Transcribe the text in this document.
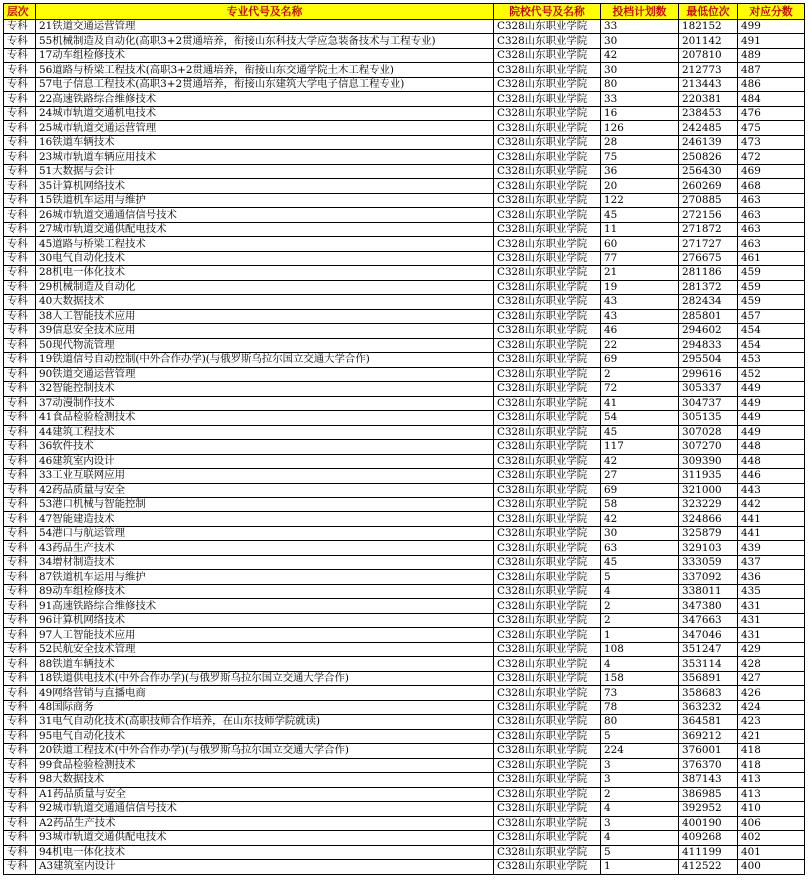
层次	专业代号及名称	院校代号及名称	投档计划数	最低位次	对应分数
专科	21铁道交通运营管理	C328山东职业学院	33	182152	499
专科	55机械制造及自动化(高职3+2贯通培养，衔接山东科技大学应急装备技术与工程专业)	C328山东职业学院	30	201142	491
专科	17动车组检修技术	C328山东职业学院	42	207810	489
专科	56道路与桥梁工程技术(高职3+2贯通培养，衔接山东交通学院土木工程专业)	C328山东职业学院	30	212773	487
专科	57电子信息工程技术(高职3+2贯通培养，衔接山东建筑大学电子信息工程专业)	C328山东职业学院	80	213443	486
专科	22高速铁路综合维修技术	C328山东职业学院	33	220381	484
专科	24城市轨道交通机电技术	C328山东职业学院	16	238453	476
专科	25城市轨道交通运营管理	C328山东职业学院	126	242485	475
专科	16铁道车辆技术	C328山东职业学院	28	246139	473
专科	23城市轨道车辆应用技术	C328山东职业学院	75	250826	472
专科	51大数据与会计	C328山东职业学院	36	256430	469
专科	35计算机网络技术	C328山东职业学院	20	260269	468
专科	15铁道机车运用与维护	C328山东职业学院	122	270885	463
专科	26城市轨道交通通信信号技术	C328山东职业学院	45	272156	463
专科	27城市轨道交通供配电技术	C328山东职业学院	11	271872	463
专科	45道路与桥梁工程技术	C328山东职业学院	60	271727	463
专科	30电气自动化技术	C328山东职业学院	77	276675	461
专科	28机电一体化技术	C328山东职业学院	21	281186	459
专科	29机械制造及自动化	C328山东职业学院	19	281372	459
专科	40大数据技术	C328山东职业学院	43	282434	459
专科	38人工智能技术应用	C328山东职业学院	43	285801	457
专科	39信息安全技术应用	C328山东职业学院	46	294602	454
专科	50现代物流管理	C328山东职业学院	22	294833	454
专科	19铁道信号自动控制(中外合作办学)(与俄罗斯乌拉尔国立交通大学合作)	C328山东职业学院	69	295504	453
专科	90铁道交通运营管理	C328山东职业学院	2	299616	452
专科	32智能控制技术	C328山东职业学院	72	305337	449
专科	37动漫制作技术	C328山东职业学院	41	304737	449
专科	41食品检验检测技术	C328山东职业学院	54	305135	449
专科	44建筑工程技术	C328山东职业学院	45	307028	449
专科	36软件技术	C328山东职业学院	117	307270	448
专科	46建筑室内设计	C328山东职业学院	42	309390	448
专科	33工业互联网应用	C328山东职业学院	27	311935	446
专科	42药品质量与安全	C328山东职业学院	69	321000	443
专科	53港口机械与智能控制	C328山东职业学院	58	323229	442
专科	47智能建造技术	C328山东职业学院	42	324866	441
专科	54港口与航运管理	C328山东职业学院	30	325879	441
专科	43药品生产技术	C328山东职业学院	63	329103	439
专科	34增材制造技术	C328山东职业学院	45	333059	437
专科	87铁道机车运用与维护	C328山东职业学院	5	337092	436
专科	89动车组检修技术	C328山东职业学院	4	338011	435
专科	91高速铁路综合维修技术	C328山东职业学院	2	347380	431
专科	96计算机网络技术	C328山东职业学院	2	347663	431
专科	97人工智能技术应用	C328山东职业学院	1	347046	431
专科	52民航安全技术管理	C328山东职业学院	108	351247	429
专科	88铁道车辆技术	C328山东职业学院	4	353114	428
专科	18铁道供电技术(中外合作办学)(与俄罗斯乌拉尔国立交通大学合作)	C328山东职业学院	158	356891	427
专科	49网络营销与直播电商	C328山东职业学院	73	358683	426
专科	48国际商务	C328山东职业学院	78	363232	424
专科	31电气自动化技术(高职技师合作培养，在山东技师学院就读)	C328山东职业学院	80	364581	423
专科	95电气自动化技术	C328山东职业学院	5	369212	421
专科	20铁道工程技术(中外合作办学)(与俄罗斯乌拉尔国立交通大学合作)	C328山东职业学院	224	376001	418
专科	99食品检验检测技术	C328山东职业学院	3	376370	418
专科	98大数据技术	C328山东职业学院	3	387143	413
专科	A1药品质量与安全	C328山东职业学院	2	386985	413
专科	92城市轨道交通通信信号技术	C328山东职业学院	4	392952	410
专科	A2药品生产技术	C328山东职业学院	3	400190	406
专科	93城市轨道交通供配电技术	C328山东职业学院	4	409268	402
专科	94机电一体化技术	C328山东职业学院	5	411199	401
专科	A3建筑室内设计	C328山东职业学院	1	412522	400
